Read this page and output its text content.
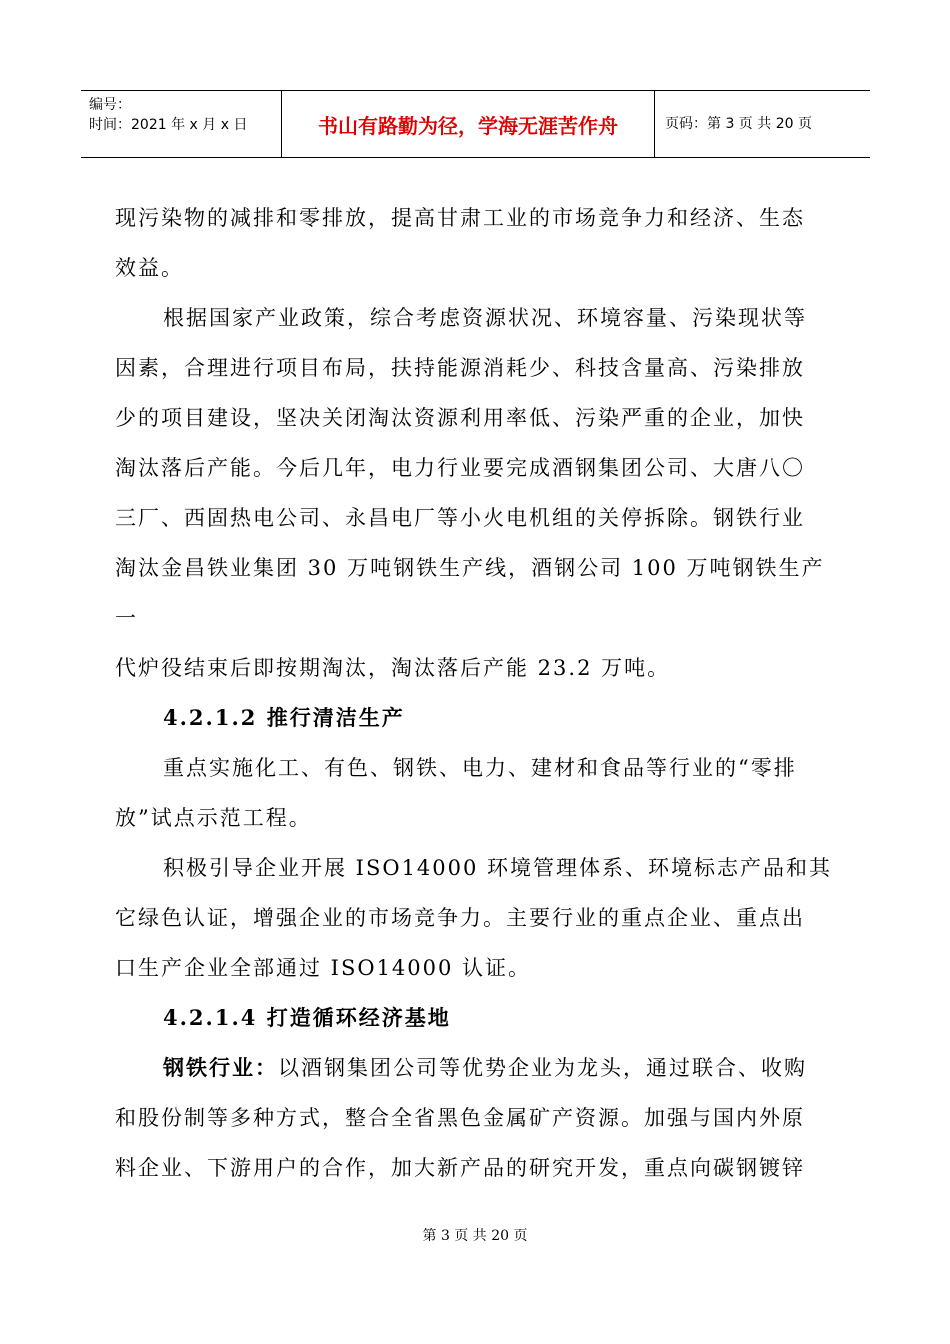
编号：
时间：2021 年 x 月 x 日	书山有路勤为径，学海无涯苦作舟	页码：第 3 页 共 20 页

现污染物的减排和零排放，提高甘肃工业的市场竞争力和经济、生态

效益。

根据国家产业政策，综合考虑资源状况、环境容量、污染现状等

因素，合理进行项目布局，扶持能源消耗少、科技含量高、污染排放

少的项目建设，坚决关闭淘汰资源利用率低、污染严重的企业，加快

淘汰落后产能。今后几年，电力行业要完成酒钢集团公司、大唐八〇

三厂、西固热电公司、永昌电厂等小火电机组的关停拆除。钢铁行业

淘汰金昌铁业集团 30 万吨钢铁生产线，酒钢公司 100 万吨钢铁生产

一

代炉役结束后即按期淘汰，淘汰落后产能 23.2 万吨。

4.2.1.2 推行清洁生产

重点实施化工、有色、钢铁、电力、建材和食品等行业的“零排

放”试点示范工程。

积极引导企业开展 ISO14000 环境管理体系、环境标志产品和其

它绿色认证，增强企业的市场竞争力。主要行业的重点企业、重点出

口生产企业全部通过 ISO14000 认证。

4.2.1.4 打造循环经济基地

钢铁行业：以酒钢集团公司等优势企业为龙头，通过联合、收购

和股份制等多种方式，整合全省黑色金属矿产资源。加强与国内外原

料企业、下游用户的合作，加大新产品的研究开发，重点向碳钢镀锌

第 3 页 共 20 页
